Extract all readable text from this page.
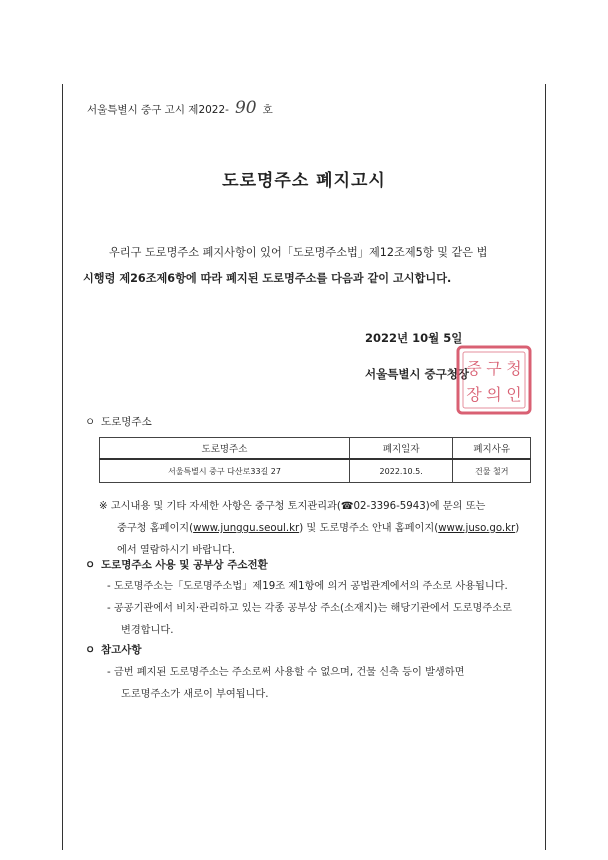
서울특별시 중구 고시 제2022- 90 호
도로명주소 폐지고시
우리구 도로명주소 폐지사항이 있어「도로명주소법」제12조제5항 및 같은 법
시행령 제26조제6항에 따라 폐지된 도로명주소를 다음과 같이 고시합니다.
2022년 10월 5일
서울특별시 중구청장
중 구 청
장 의 인
ㅇ 도로명주소
도로명주소	폐지일자	폐지사유
서울특별시 중구 다산로33길 27	2022.10.5.	건물 철거
※ 고시내용 및 기타 자세한 사항은 중구청 토지관리과(☎02-3396-5943)에 문의 또는
중구청 홈페이지(www.junggu.seoul.kr) 및 도로명주소 안내 홈페이지(www.juso.go.kr)
에서 열람하시기 바랍니다.
ㅇ 도로명주소 사용 및 공부상 주소전환
- 도로명주소는「도로명주소법」제19조 제1항에 의거 공법관계에서의 주소로 사용됩니다.
- 공공기관에서 비치‧관리하고 있는 각종 공부상 주소(소재지)는 해당기관에서 도로명주소로
변경합니다.
ㅇ 참고사항
- 금번 폐지된 도로명주소는 주소로써 사용할 수 없으며, 건물 신축 등이 발생하면
도로명주소가 새로이 부여됩니다.
